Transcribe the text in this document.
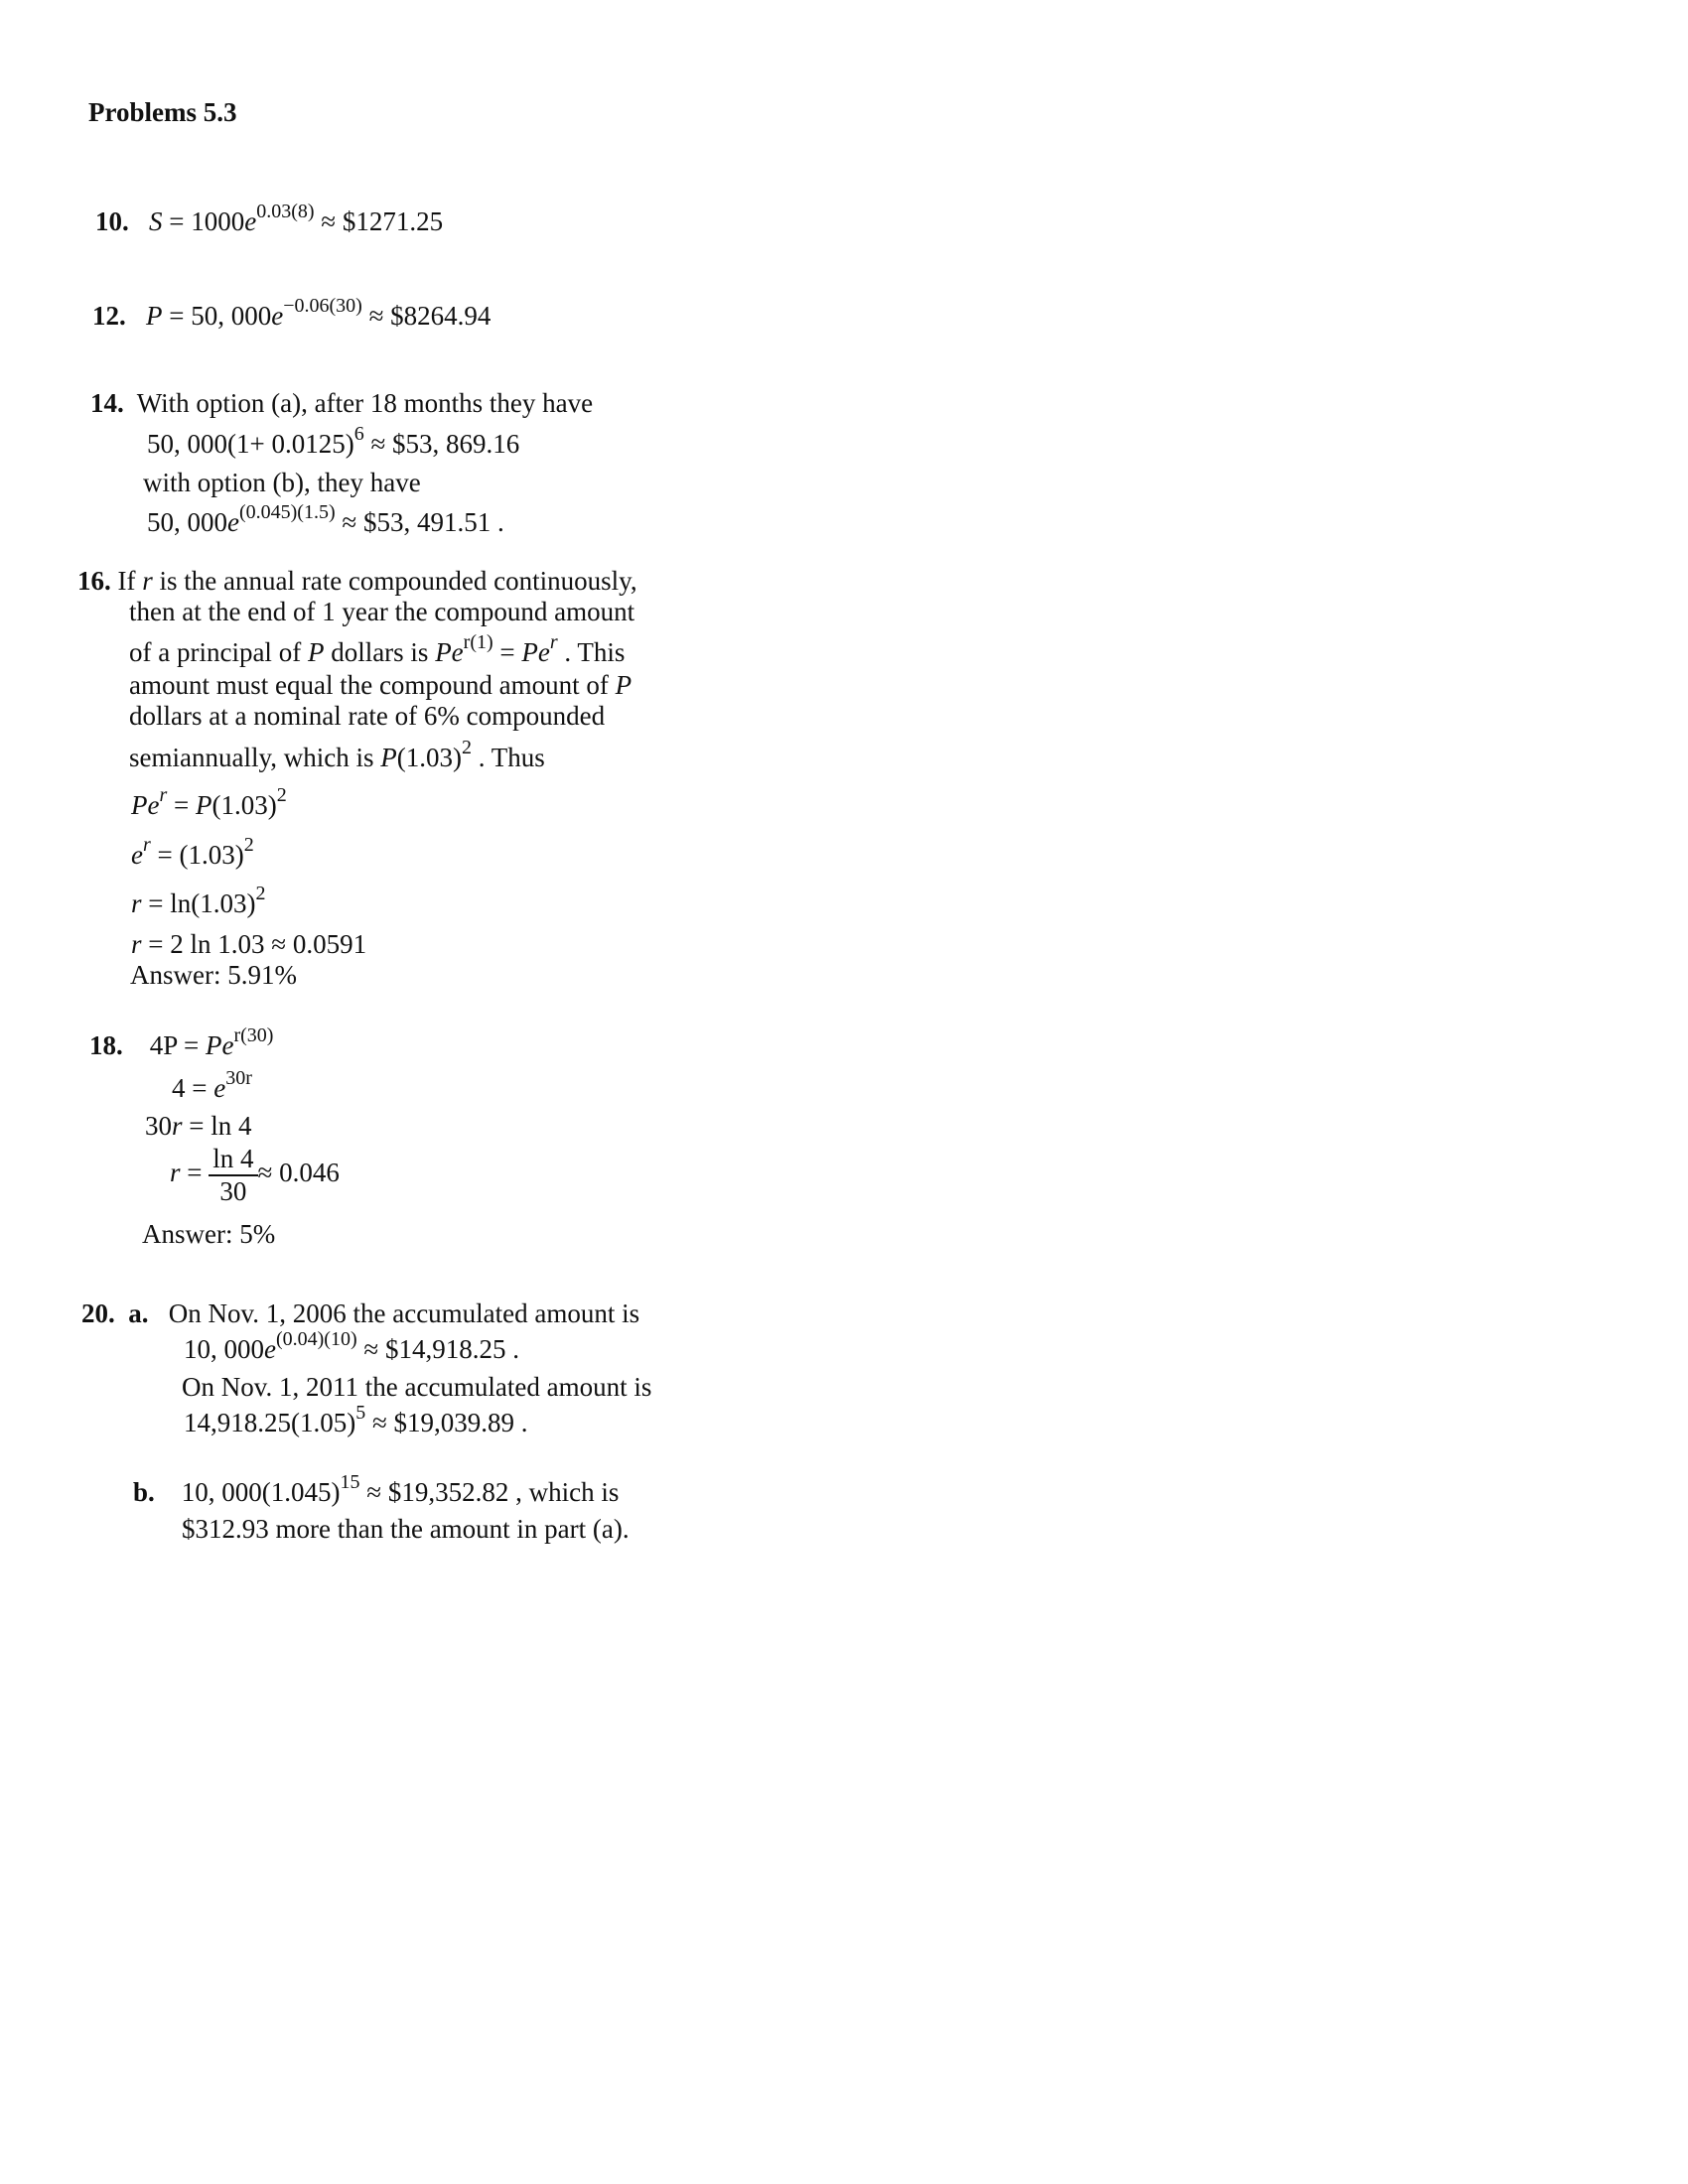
Problems 5.3
10. $S = 1000e^{0.03(8)}$ ≈ $1271.25
12. P = 50, $000e^{-0.06(30)}$ ≈ $8264.94
14. With option (a), after 18 months they have
50, $000(1+ 0.0125)^6$ ≈ $53, 869.16
with option (b), they have
50, $000e^{(0.045)(1.5)}$ ≈ $53, 491.51 .
16. If r is the annual rate compounded continuously,
then at the end of 1 year the compound amount
of a principal of P dollars is $Pe^{r(1)} = Pe^r$ . This
amount must equal the compound amount of P
dollars at a nominal rate of 6% compounded
semiannually, which is $P(1.03)^2$ . Thus
$Pe^r = P(1.03)^2$
$e^r = (1.03)^2$
$r = \ln(1.03)^2$
r = 2 ln 1.03 ≈ 0.0591
Answer: 5.91%
18. $4P = Pe^{r(30)}$
$4 = e^{30r}$
30r = ln 4
$r = \frac{\ln 4}{30} \approx 0.046$
Answer: 5%
20. a. On Nov. 1, 2006 the accumulated amount is
10, $000e^{(0.04)(10)}$ ≈ $14,918.25 .
On Nov. 1, 2011 the accumulated amount is
$14,918.25(1.05)^5$ ≈ $19,039.89 .
b. 10, $000(1.045)^{15}$ ≈ $19,352.82 , which is
$312.93 more than the amount in part (a).
